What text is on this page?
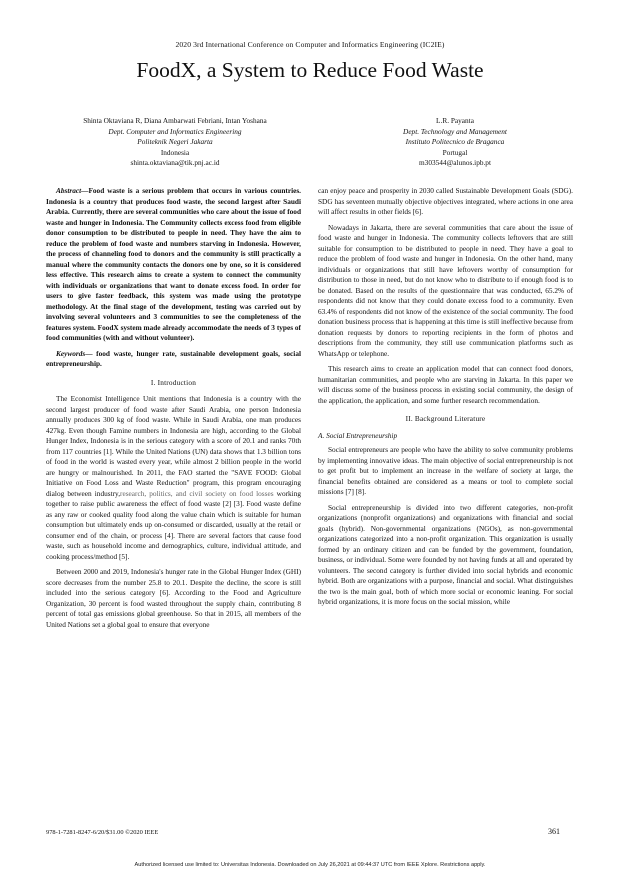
2020 3rd International Conference on Computer and Informatics Engineering (IC2IE)
FoodX, a System to Reduce Food Waste
Shinta Oktaviana R, Diana Ambarwati Febriani, Intan Yoshana
Dept. Computer and Informatics Engineering
Politeknik Negeri Jakarta
Indonesia
shinta.oktaviana@tik.pnj.ac.id
L.R. Payanta
Dept. Technology and Management
Instituto Politecnico de Braganca
Portugal
m303544@alunos.ipb.pt

Abstract—Food waste is a serious problem that occurs in various countries. Indonesia is a country that produces food waste, the second largest after Saudi Arabia. Currently, there are several communities who care about the issue of food waste and hunger in Indonesia. The Community collects excess food from eligible donor consumption to be distributed to people in need. They have the aim to reduce the problem of food waste and numbers starving in Indonesia. However, the process of channeling food to donors and the community is still practically a manual where the community contacts the donors one by one, so it is considered less effective. This research aims to create a system to connect the community with individuals or organizations that want to donate excess food. In order for users to give faster feedback, this system was made using the prototype methodology. At the final stage of the development, testing was carried out by involving several volunteers and 3 communities to see the completeness of the features system. FoodX system made already accommodate the needs of 3 types of food communities (with and without volunteer).

Keywords— food waste, hunger rate, sustainable development goals, social entrepreneurship.

I. Introduction

The Economist Intelligence Unit mentions that Indonesia is a country with the second largest producer of food waste after Saudi Arabia, one person Indonesia annually produces 300 kg of food waste. While in Saudi Arabia, one man produces 427kg. Even though Famine numbers in Indonesia are high, according to the Global Hunger Index, Indonesia is in the serious category with a score of 20.1 and ranks 70th from 117 countries [1]. While the United Nations (UN) data shows that 1.3 billion tons of food in the world is wasted every year, while almost 2 billion people in the world are hungry or malnourished. In 2011, the FAO started the "SAVE FOOD: Global Initiative on Food Loss and Waste Reduction" program, this program encouraging dialog between industry,research, politics, and civil society on food losses working together to raise public awareness the effect of food waste [2] [3]. Food waste define as any raw or cooked quality food along the value chain which is suitable for human consumption but ultimately ends up on-consumed or discarded, usually at the retail or consumer end of the chain, or process [4]. There are several factors that cause food waste, such as household income and demographics, culture, individual attitude, and cooking process/method [5].

Between 2000 and 2019, Indonesia's hunger rate in the Global Hunger Index (GHI) score decreases from the number 25.8 to 20.1. Despite the decline, the score is still included into the serious category [6]. According to the Food and Agriculture Organization, 30 percent is food wasted throughout the supply chain, contributing 8 percent of total gas emissions global greenhouse. So that in 2015, all members of the United Nations set a global goal to ensure that everyone

can enjoy peace and prosperity in 2030 called Sustainable Development Goals (SDG). SDG has seventeen mutually objective objectives integrated, where actions in one area will affect results in other fields [6].

Nowadays in Jakarta, there are several communities that care about the issue of food waste and hunger in Indonesia. The community collects leftovers that are still suitable for consumption to be distributed to people in need. They have a goal to reduce the problem of food waste and hunger in Indonesia. On the other hand, many individuals or organizations that still have leftovers worthy of consumption for distribution to those in need, but do not know who to distribute to if enough food is to be donated. Based on the results of the questionnaire that was conducted, 65.2% of respondents did not know that they could donate excess food to a community. Even 63.4% of respondents did not know of the existence of the social community. The food donation business process that is happening at this time is still ineffective because from donation requests by donors to reporting recipients in the form of photos and descriptions from the community, they still use communication platforms such as WhatsApp or telephone.

This research aims to create an application model that can connect food donors, humanitarian communities, and people who are starving in Jakarta. In this paper we will discuss some of the business process in existing social community, the design of the application, the application, and some further research recommendation.

II. Background Literature
A. Social Entrepreneurship

Social entrepreneurs are people who have the ability to solve community problems by implementing innovative ideas. The main objective of social entrepreneurship is not to get profit but to implement an increase in the welfare of society at large, the financial benefits obtained are considered as a means or tool to complete social missions [7] [8].

Social entrepreneurship is divided into two different categories, non-profit organizations (nonprofit organizations) and organizations with financial and social goals (hybrid). Non-governmental organizations (NGOs), as non-governmental organizations categorized into a non-profit organization. This organization is usually formed by an ordinary citizen and can be funded by the government, foundation, business, or individual. Some were founded by not having funds at all and operated by volunteers. The second category is further divided into social hybrids and economic hybrid. Both are organizations with a purpose, financial and social. What distinguishes the two is the main goal, both of which more social or economic leaning. For social hybrid organizations, it is more focus on the social mission, while

978-1-7281-8247-6/20/$31.00 ©2020 IEEE	361
Authorized licensed use limited to: Universitas Indonesia. Downloaded on July 26,2021 at 09:44:37 UTC from IEEE Xplore. Restrictions apply.
